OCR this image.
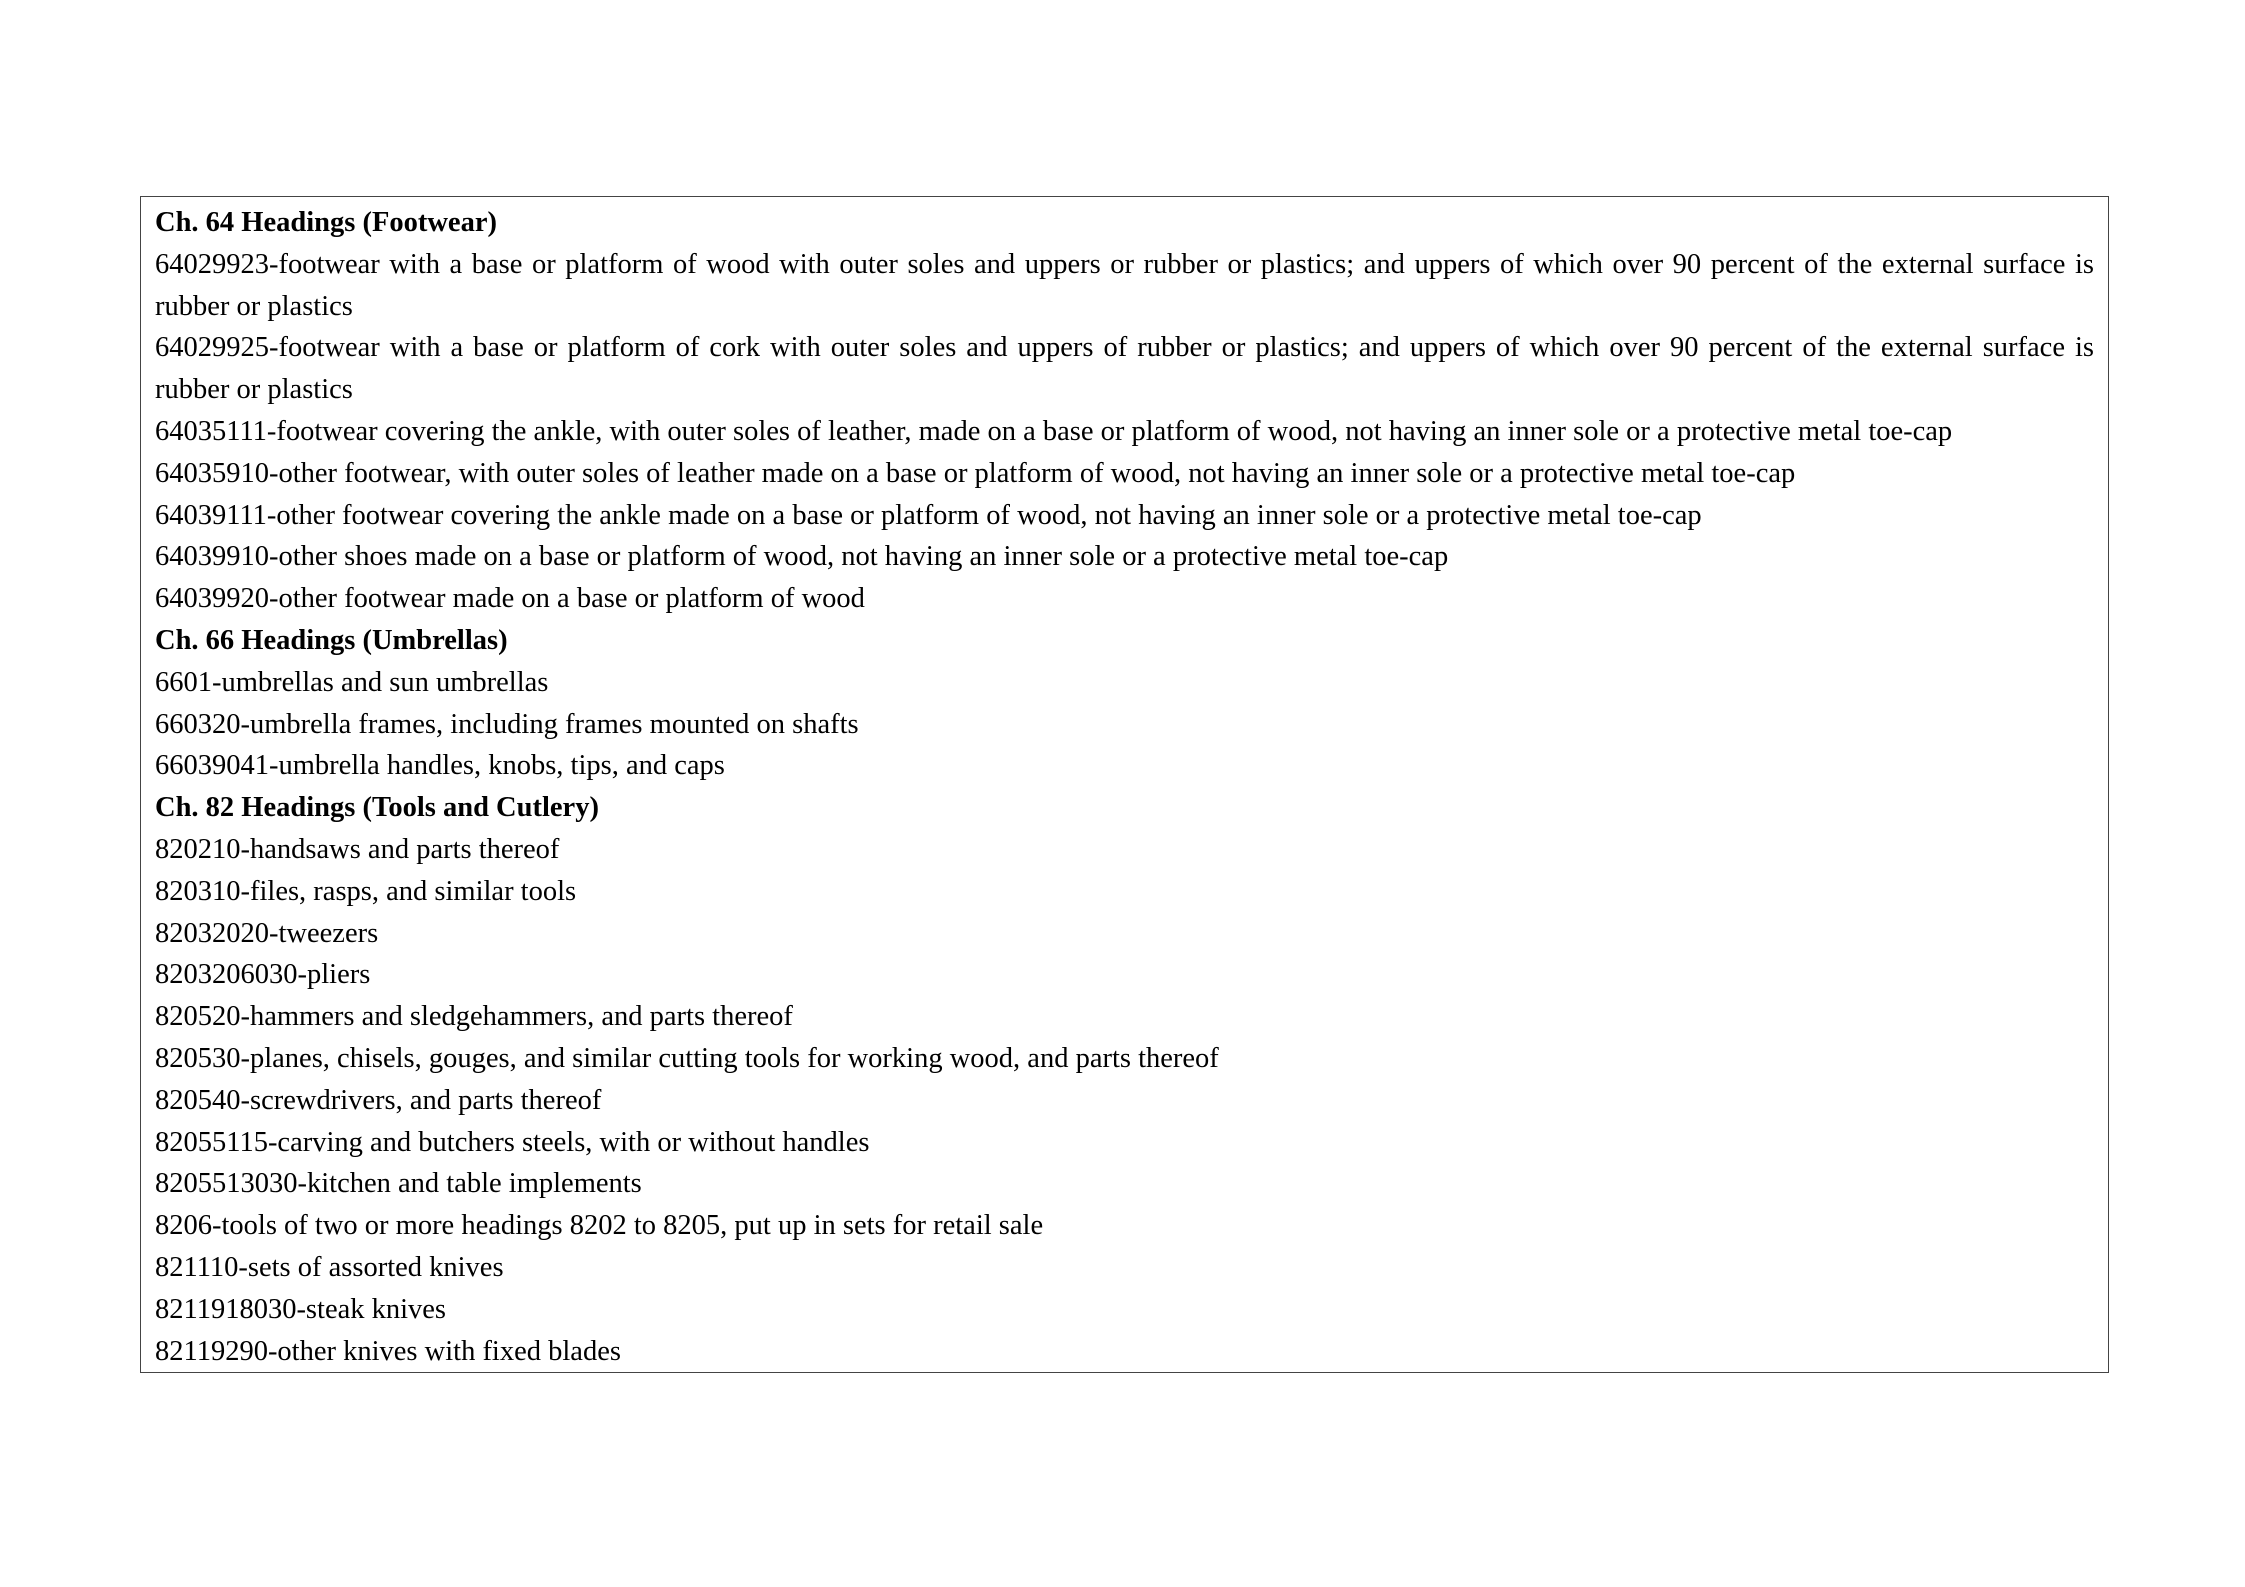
Ch. 64 Headings (Footwear)
64029923-footwear with a base or platform of wood with outer soles and uppers or rubber or plastics; and uppers of which over 90 percent of the external surface is rubber or plastics
64029925-footwear with a base or platform of cork with outer soles and uppers of rubber or plastics; and uppers of which over 90 percent of the external surface is rubber or plastics
64035111-footwear covering the ankle, with outer soles of leather, made on a base or platform of wood, not having an inner sole or a protective metal toe-cap
64035910-other footwear, with outer soles of leather made on a base or platform of wood, not having an inner sole or a protective metal toe-cap
64039111-other footwear covering the ankle made on a base or platform of wood, not having an inner sole or a protective metal toe-cap
64039910-other shoes made on a base or platform of wood, not having an inner sole or a protective metal toe-cap
64039920-other footwear made on a base or platform of wood
Ch. 66 Headings (Umbrellas)
6601-umbrellas and sun umbrellas
660320-umbrella frames, including frames mounted on shafts
66039041-umbrella handles, knobs, tips, and caps
Ch. 82 Headings (Tools and Cutlery)
820210-handsaws and parts thereof
820310-files, rasps, and similar tools
82032020-tweezers
8203206030-pliers
820520-hammers and sledgehammers, and parts thereof
820530-planes, chisels, gouges, and similar cutting tools for working wood, and parts thereof
820540-screwdrivers, and parts thereof
82055115-carving and butchers steels, with or without handles
8205513030-kitchen and table implements
8206-tools of two or more headings 8202 to 8205, put up in sets for retail sale
821110-sets of assorted knives
8211918030-steak knives
82119290-other knives with fixed blades
